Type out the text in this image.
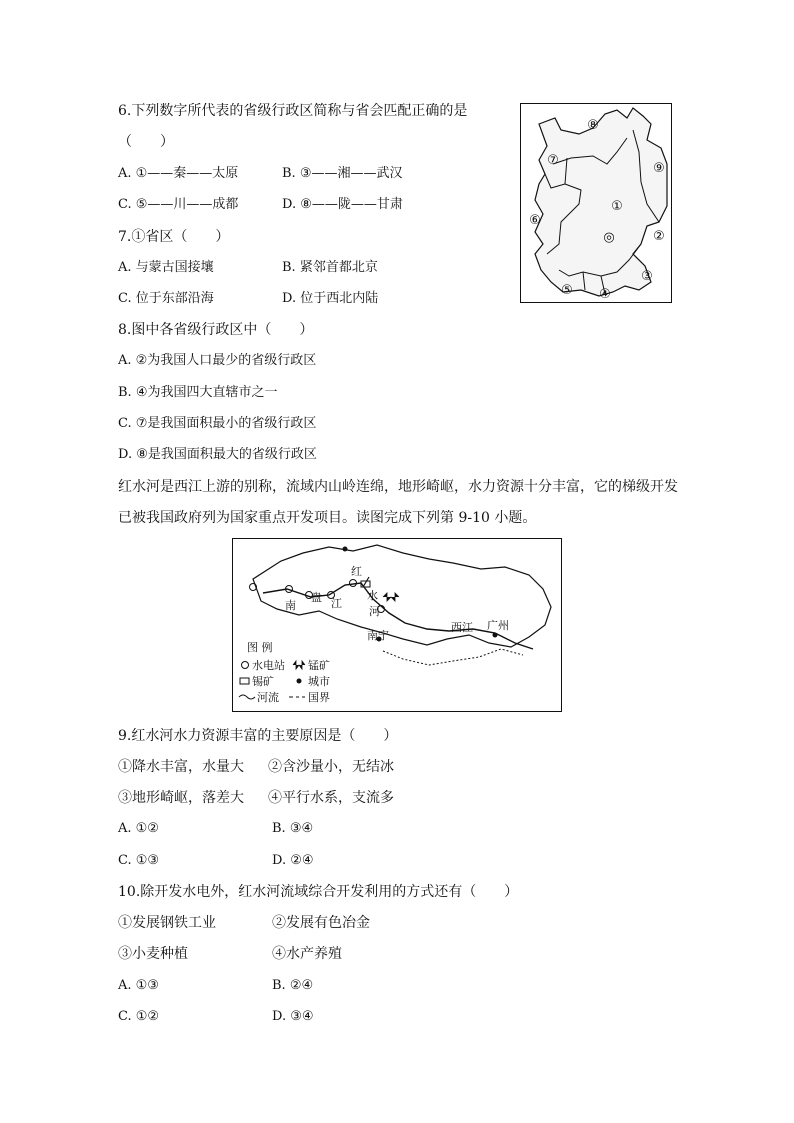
6.下列数字所代表的省级行政区简称与省会匹配正确的是
（　　）
A. ①——秦——太原	B. ③——湘——武汉
C. ⑤——川——成都	D. ⑧——陇——甘肃
7.①省区（　　）
A. 与蒙古国接壤	B. 紧邻首都北京
C. 位于东部沿海	D. 位于西北内陆
8.图中各省级行政区中（　　）
A. ②为我国人口最少的省级行政区
B. ④为我国四大直辖市之一
C. ⑦是我国面积最小的省级行政区
D. ⑧是我国面积最大的省级行政区
红水河是西江上游的别称，流域内山岭连绵，地形崎岖，水力资源十分丰富，它的梯级开发
已被我国政府列为国家重点开发项目。读图完成下列第 9-10 小题。
⑧
⑦
⑨
⑥
①
②
③
⑤ ④
◎
南
盘 江
红
水
河
南宁
西江 广州
图 例
水电站 锰矿
锡矿	城市
河流	国界
9.红水河水力资源丰富的主要原因是（　　）
①降水丰富，水量大 ②含沙量小，无结冰
③地形崎岖，落差大 ④平行水系，支流多
A. ①②	B. ③④
C. ①③	D. ②④
10.除开发水电外，红水河流域综合开发利用的方式还有（　　）
①发展钢铁工业	②发展有色冶金
③小麦种植	④水产养殖
A. ①③	B. ②④
C. ①②	D. ③④
